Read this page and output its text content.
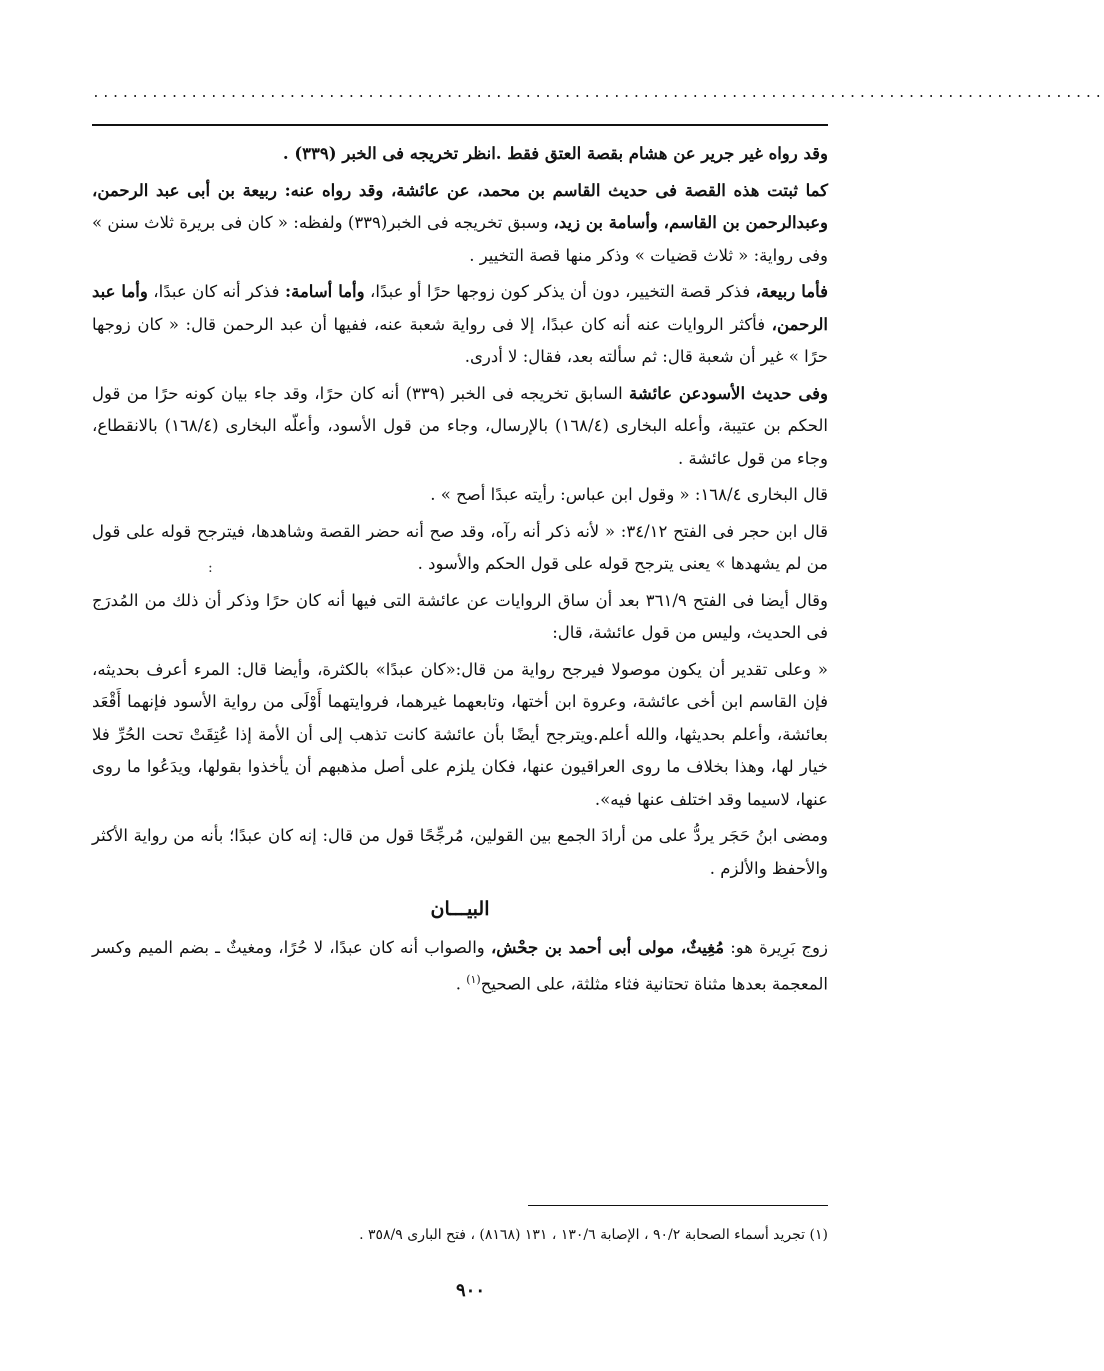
.......................................................................................................

وقد رواه غير جرير عن هشام بقصة العتق فقط .انظر تخريجه فى الخبر (٣٣٩) .

كما ثبتت هذه القصة فى حديث القاسم بن محمد، عن عائشة، وقد رواه عنه: ربيعة بن أبى عبد الرحمن، وعبدالرحمن بن القاسم، وأسامة بن زيد، وسبق تخريجه فى الخبر(٣٣٩) ولفظه: « كان فى بريرة ثلاث سنن » وفى رواية: « ثلاث قضيات » وذكر منها قصة التخيير .

فأما ربيعة، فذكر قصة التخيير، دون أن يذكر كون زوجها حرًا أو عبدًا، وأما أسامة: فذكر أنه كان عبدًا، وأما عبد الرحمن، فأكثر الروايات عنه أنه كان عبدًا، إلا فى رواية شعبة عنه، ففيها أن عبد الرحمن قال: « كان زوجها حرًا » غير أن شعبة قال: ثم سألته بعد، فقال: لا أدرى.

وفى حديث الأسودعن عائشة السابق تخريجه فى الخبر (٣٣٩) أنه كان حرًا، وقد جاء بيان كونه حرًا من قول الحكم بن عتيبة، وأعله البخارى (١٦٨/٤) بالإرسال، وجاء من قول الأسود، وأعلّه البخارى (١٦٨/٤) بالانقطاع، وجاء من قول عائشة .

قال البخارى ١٦٨/٤: « وقول ابن عباس: رأيته عبدًا أصح » .

قال ابن حجر فى الفتح ٣٤/١٢: « لأنه ذكر أنه رآه، وقد صح أنه حضر القصة وشاهدها، فيترجح قوله على قول من لم يشهدها » يعنى يترجح قوله على قول الحكم والأسود .

وقال أيضا فى الفتح ٣٦١/٩ بعد أن ساق الروايات عن عائشة التى فيها أنه كان حرًا وذكر أن ذلك من المُدرَج فى الحديث، وليس من قول عائشة، قال:

« وعلى تقدير أن يكون موصولا فيرجح رواية من قال:«كان عبدًا» بالكثرة، وأيضا قال: المرء أعرف بحديثه، فإن القاسم ابن أخى عائشة، وعروة ابن أختها، وتابعهما غيرهما، فروايتهما أَوْلَى من رواية الأسود فإنهما أَقْعَد بعائشة، وأعلم بحديثها، والله أعلم.ويترجح أيضًا بأن عائشة كانت تذهب إلى أن الأمة إذا عُتِقَتْ تحت الحُرِّ فلا خيار لها، وهذا بخلاف ما روى العراقيون عنها، فكان يلزم على أصل مذهبهم أن يأخذوا بقولها، ويدَعُوا ما روى عنها، لاسيما وقد اختلف عنها فيه».

ومضى ابنُ حَجَر يردُّ على من أرادَ الجمع بين القولين، مُرجِّحًا قول من قال: إنه كان عبدًا؛ بأنه من رواية الأكثر والأحفظ والألزم .

البيـــان

زوج بَرِيرة هو: مُغِيثٌ، مولى أبى أحمد بن جحْش، والصواب أنه كان عبدًا، لا حُرًا، ومغيثٌ ـ بضم الميم وكسر المعجمة بعدها مثناة تحتانية فثاء مثلثة، على الصحيح$^{(١)}$ .

:
(١) تجريد أسماء الصحابة ٩٠/٢ ، الإصابة ١٣٠/٦ ، ١٣١ (٨١٦٨) ، فتح البارى ٣٥٨/٩ .
٩٠٠
